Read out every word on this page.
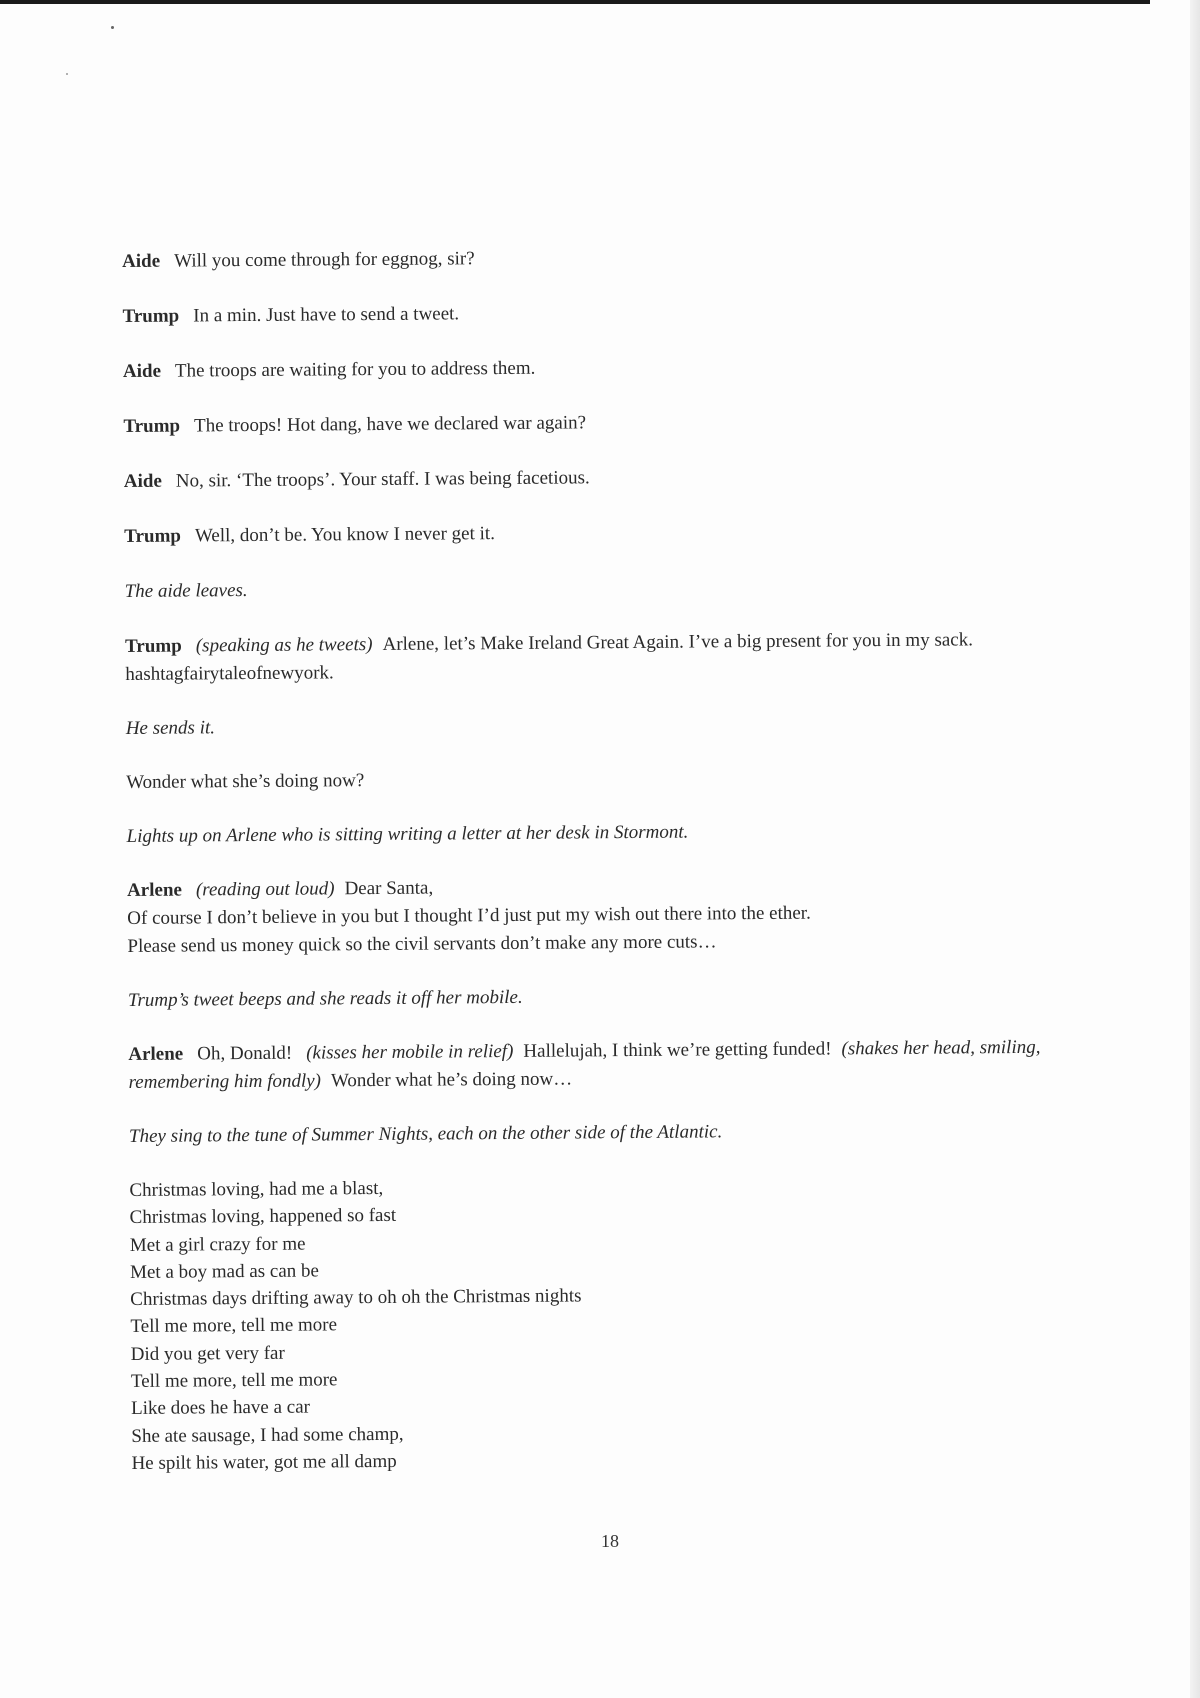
Aide Will you come through for eggnog, sir?

Trump In a min. Just have to send a tweet.

Aide The troops are waiting for you to address them.

Trump The troops! Hot dang, have we declared war again?

Aide No, sir. ‘The troops’. Your staff. I was being facetious.

Trump Well, don’t be. You know I never get it.

The aide leaves.

Trump (speaking as he tweets) Arlene, let’s Make Ireland Great Again. I’ve a big present for you in my sack. hashtagfairytaleofnewyork.

He sends it.

Wonder what she’s doing now?

Lights up on Arlene who is sitting writing a letter at her desk in Stormont.

Arlene (reading out loud) Dear Santa,

Of course I don’t believe in you but I thought I’d just put my wish out there into the ether.

Please send us money quick so the civil servants don’t make any more cuts…

Trump’s tweet beeps and she reads it off her mobile.

Arlene Oh, Donald! (kisses her mobile in relief) Hallelujah, I think we’re getting funded! (shakes her head, smiling, remembering him fondly) Wonder what he’s doing now…

They sing to the tune of Summer Nights, each on the other side of the Atlantic.

Christmas loving, had me a blast,

Christmas loving, happened so fast

Met a girl crazy for me

Met a boy mad as can be

Christmas days drifting away to oh oh the Christmas nights

Tell me more, tell me more

Did you get very far

Tell me more, tell me more

Like does he have a car

She ate sausage, I had some champ,

He spilt his water, got me all damp

18
